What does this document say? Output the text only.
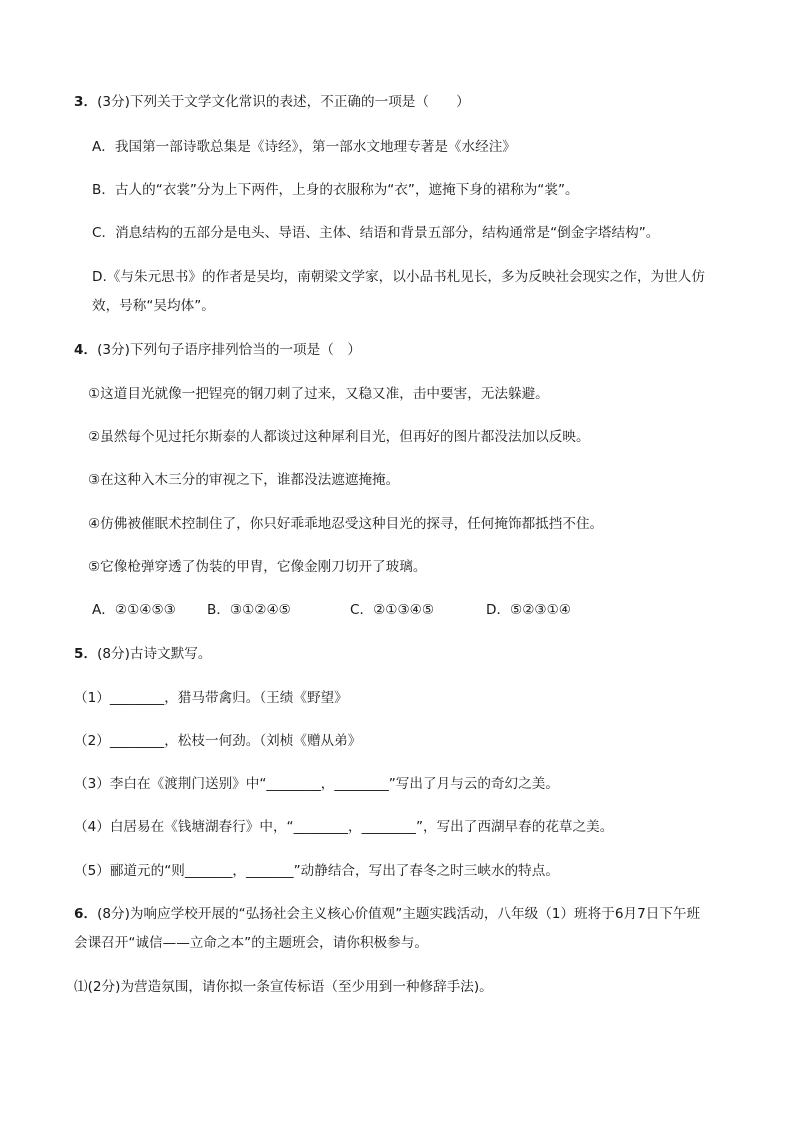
3．(3分)下列关于文学文化常识的表述，不正确的一项是（　　）
A．我国第一部诗歌总集是《诗经》，第一部水文地理专著是《水经注》
B．古人的“衣裳”分为上下两件，上身的衣服称为“衣”，遮掩下身的裙称为“裳”。
C．消息结构的五部分是电头、导语、主体、结语和背景五部分，结构通常是“倒金字塔结构”。
D.《与朱元思书》的作者是吴均，南朝梁文学家，以小品书札见长，多为反映社会现实之作，为世人仿
效，号称“吴均体”。
4．(3分)下列句子语序排列恰当的一项是（　）
①这道目光就像一把锃亮的钢刀刺了过来，又稳又准，击中要害，无法躲避。
②虽然每个见过托尔斯泰的人都谈过这种犀利目光，但再好的图片都没法加以反映。
③在这种入木三分的审视之下，谁都没法遮遮掩掩。
④仿佛被催眠术控制住了，你只好乖乖地忍受这种目光的探寻，任何掩饰都抵挡不住。
⑤它像枪弹穿透了伪装的甲胄，它像金刚刀切开了玻璃。
A．②①④⑤③	B．③①②④⑤	C．②①③④⑤	D．⑤②③①④
5．(8分)古诗文默写。
（1）________，猎马带禽归。（王绩《野望》
（2）________，松枝一何劲。（刘桢《赠从弟》
（3）李白在《渡荆门送别》中“________，________”写出了月与云的奇幻之美。
（4）白居易在《钱塘湖春行》中，“________，________”，写出了西湖早春的花草之美。
（5）郦道元的“则_______，_______”动静结合，写出了春冬之时三峡水的特点。
6．(8分)为响应学校开展的“弘扬社会主义核心价值观”主题实践活动，八年级（1）班将于6月7日下午班
会课召开“诚信——立命之本”的主题班会，请你积极参与。
⑴(2分)为营造氛围，请你拟一条宣传标语（至少用到一种修辞手法)。
